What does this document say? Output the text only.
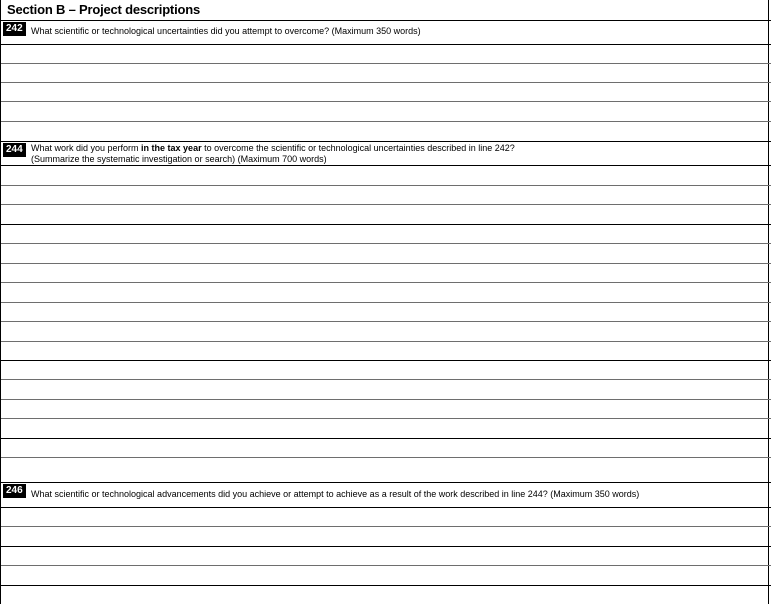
Section B – Project descriptions
242 What scientific or technological uncertainties did you attempt to overcome? (Maximum 350 words)
244 What work did you perform in the tax year to overcome the scientific or technological uncertainties described in line 242?
(Summarize the systematic investigation or search) (Maximum 700 words)
246 What scientific or technological advancements did you achieve or attempt to achieve as a result of the work described in line 244? (Maximum 350 words)
